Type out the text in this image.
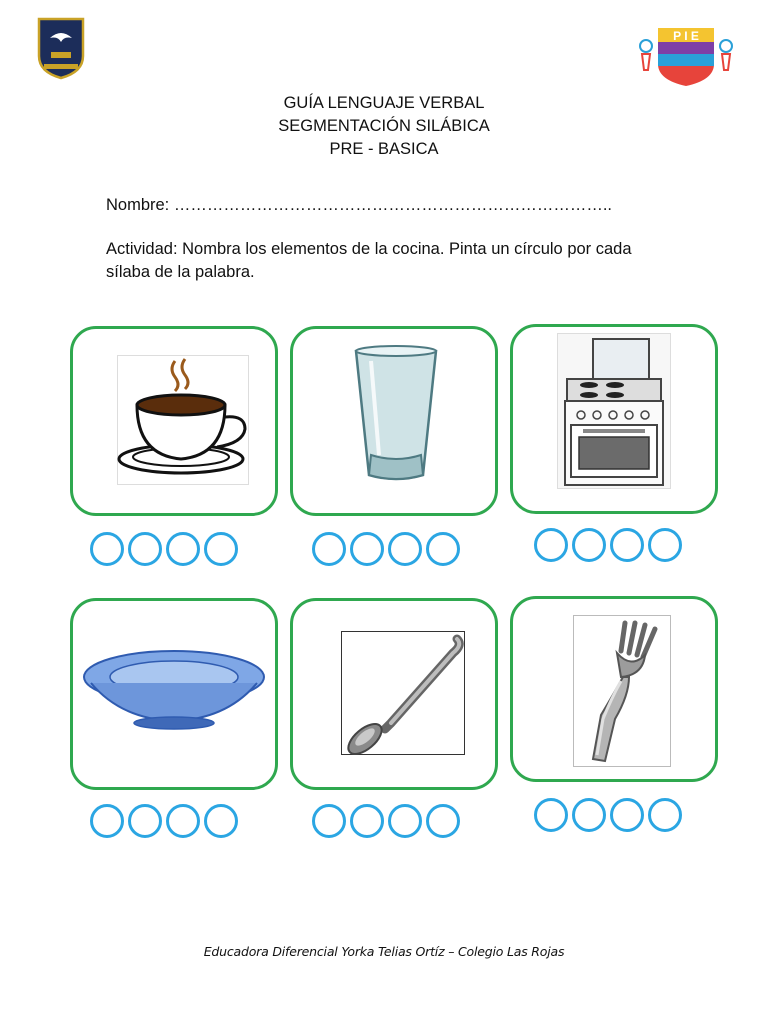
P I E
GUÍA LENGUAJE VERBAL
SEGMENTACIÓN SILÁBICA
PRE - BASICA
Nombre: ……………………………………………………………………..
Actividad: Nombra los elementos de la cocina. Pinta un círculo por cada sílaba de la palabra.
Educadora Diferencial Yorka Telias Ortíz – Colegio Las Rojas
